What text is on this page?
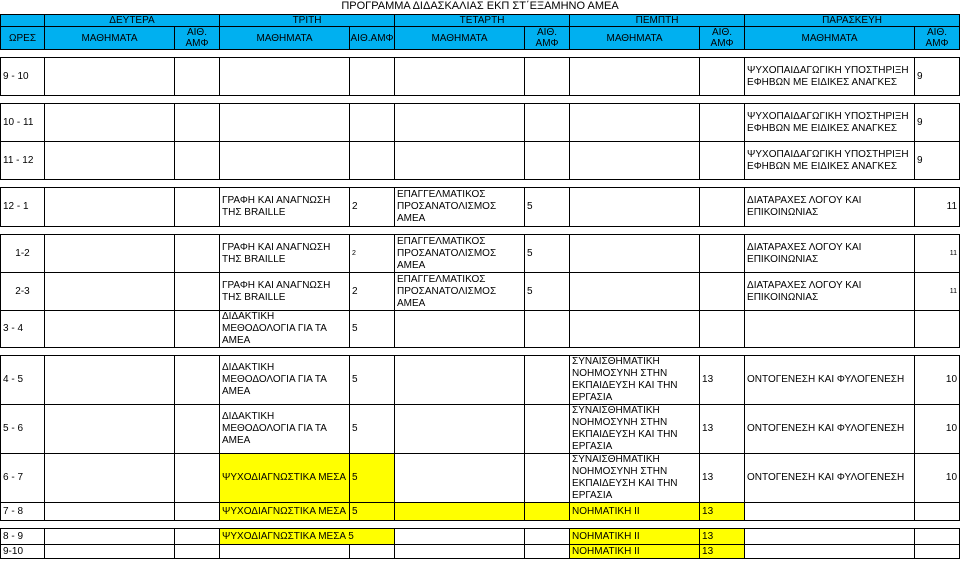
ΠΡΟΓΡΑΜΜΑ ΔΙΔΑΣΚΑΛΙΑΣ ΕΚΠ ΣΤ΄ΕΞΑΜΗΝΟ ΑΜΕΑ
	ΔΕΥΤΕΡΑ		ΤΡΙΤΗ		ΤΕΤΑΡΤΗ		ΠΕΜΠΤΗ		ΠΑΡΑΣΚΕΥΗ	
ΩΡΕΣ	ΜΑΘΗΜΑΤΑ	ΑΙΘ. ΑΜΦ	ΜΑΘΗΜΑΤΑ	ΑΙΘ.ΑΜΦ	ΜΑΘΗΜΑΤΑ	ΑΙΘ. ΑΜΦ	ΜΑΘΗΜΑΤΑ	ΑΙΘ. ΑΜΦ	ΜΑΘΗΜΑΤΑ	ΑΙΘ. ΑΜΦ

9 - 10									ΨΥΧΟΠΑΙΔΑΓΩΓΙΚΗ ΥΠΟΣΤΗΡΙΞΗ ΕΦΗΒΩΝ ΜΕ ΕΙΔΙΚΕΣ ΑΝΑΓΚΕΣ	9

10 - 11									ΨΥΧΟΠΑΙΔΑΓΩΓΙΚΗ ΥΠΟΣΤΗΡΙΞΗ ΕΦΗΒΩΝ ΜΕ ΕΙΔΙΚΕΣ ΑΝΑΓΚΕΣ	9
11 - 12									ΨΥΧΟΠΑΙΔΑΓΩΓΙΚΗ ΥΠΟΣΤΗΡΙΞΗ ΕΦΗΒΩΝ ΜΕ ΕΙΔΙΚΕΣ ΑΝΑΓΚΕΣ	9

12 - 1			ΓΡΑΦΗ ΚΑΙ ΑΝΑΓΝΩΣΗ ΤΗΣ BRAILLE	2	ΕΠΑΓΓΕΛΜΑΤΙΚΟΣ ΠΡΟΣΑΝΑΤΟΛΙΣΜΟΣ ΑΜΕΑ	5			ΔΙΑΤΑΡΑΧΕΣ ΛΟΓΟΥ ΚΑΙ ΕΠΙΚΟΙΝΩΝΙΑΣ	11

1-2			ΓΡΑΦΗ ΚΑΙ ΑΝΑΓΝΩΣΗ ΤΗΣ BRAILLE	2	ΕΠΑΓΓΕΛΜΑΤΙΚΟΣ ΠΡΟΣΑΝΑΤΟΛΙΣΜΟΣ ΑΜΕΑ	5			ΔΙΑΤΑΡΑΧΕΣ ΛΟΓΟΥ ΚΑΙ ΕΠΙΚΟΙΝΩΝΙΑΣ	11
2-3			ΓΡΑΦΗ ΚΑΙ ΑΝΑΓΝΩΣΗ ΤΗΣ BRAILLE	2	ΕΠΑΓΓΕΛΜΑΤΙΚΟΣ ΠΡΟΣΑΝΑΤΟΛΙΣΜΟΣ ΑΜΕΑ	5			ΔΙΑΤΑΡΑΧΕΣ ΛΟΓΟΥ ΚΑΙ ΕΠΙΚΟΙΝΩΝΙΑΣ	11
3 - 4			ΔΙΔΑΚΤΙΚΗ ΜΕΘΟΔΟΛΟΓΙΑ ΓΙΑ ΤΑ ΑΜΕΑ	5						

4 - 5			ΔΙΔΑΚΤΙΚΗ ΜΕΘΟΔΟΛΟΓΙΑ ΓΙΑ ΤΑ ΑΜΕΑ	5			ΣΥΝΑΙΣΘΗΜΑΤΙΚΗ ΝΟΗΜΟΣΥΝΗ ΣΤΗΝ ΕΚΠΑΙΔΕΥΣΗ ΚΑΙ ΤΗΝ ΕΡΓΑΣΙΑ	13	ΟΝΤΟΓΕΝΕΣΗ ΚΑΙ ΦΥΛΟΓΕΝΕΣΗ	10
5 - 6			ΔΙΔΑΚΤΙΚΗ ΜΕΘΟΔΟΛΟΓΙΑ ΓΙΑ ΤΑ ΑΜΕΑ	5			ΣΥΝΑΙΣΘΗΜΑΤΙΚΗ ΝΟΗΜΟΣΥΝΗ ΣΤΗΝ ΕΚΠΑΙΔΕΥΣΗ ΚΑΙ ΤΗΝ ΕΡΓΑΣΙΑ	13	ΟΝΤΟΓΕΝΕΣΗ ΚΑΙ ΦΥΛΟΓΕΝΕΣΗ	10
6 - 7			ΨΥΧΟΔΙΑΓΝΩΣΤΙΚΑ ΜΕΣΑ	5			ΣΥΝΑΙΣΘΗΜΑΤΙΚΗ ΝΟΗΜΟΣΥΝΗ ΣΤΗΝ ΕΚΠΑΙΔΕΥΣΗ ΚΑΙ ΤΗΝ ΕΡΓΑΣΙΑ	13	ΟΝΤΟΓΕΝΕΣΗ ΚΑΙ ΦΥΛΟΓΕΝΕΣΗ	10
7 - 8			ΨΥΧΟΔΙΑΓΝΩΣΤΙΚΑ ΜΕΣΑ	5			ΝΟΗΜΑΤΙΚΗ ΙΙ	13		

8 - 9			ΨΥΧΟΔΙΑΓΝΩΣΤΙΚΑ ΜΕΣΑ 5				ΝΟΗΜΑΤΙΚΗ ΙΙ	13		
9-10							ΝΟΗΜΑΤΙΚΗ ΙΙ	13		
